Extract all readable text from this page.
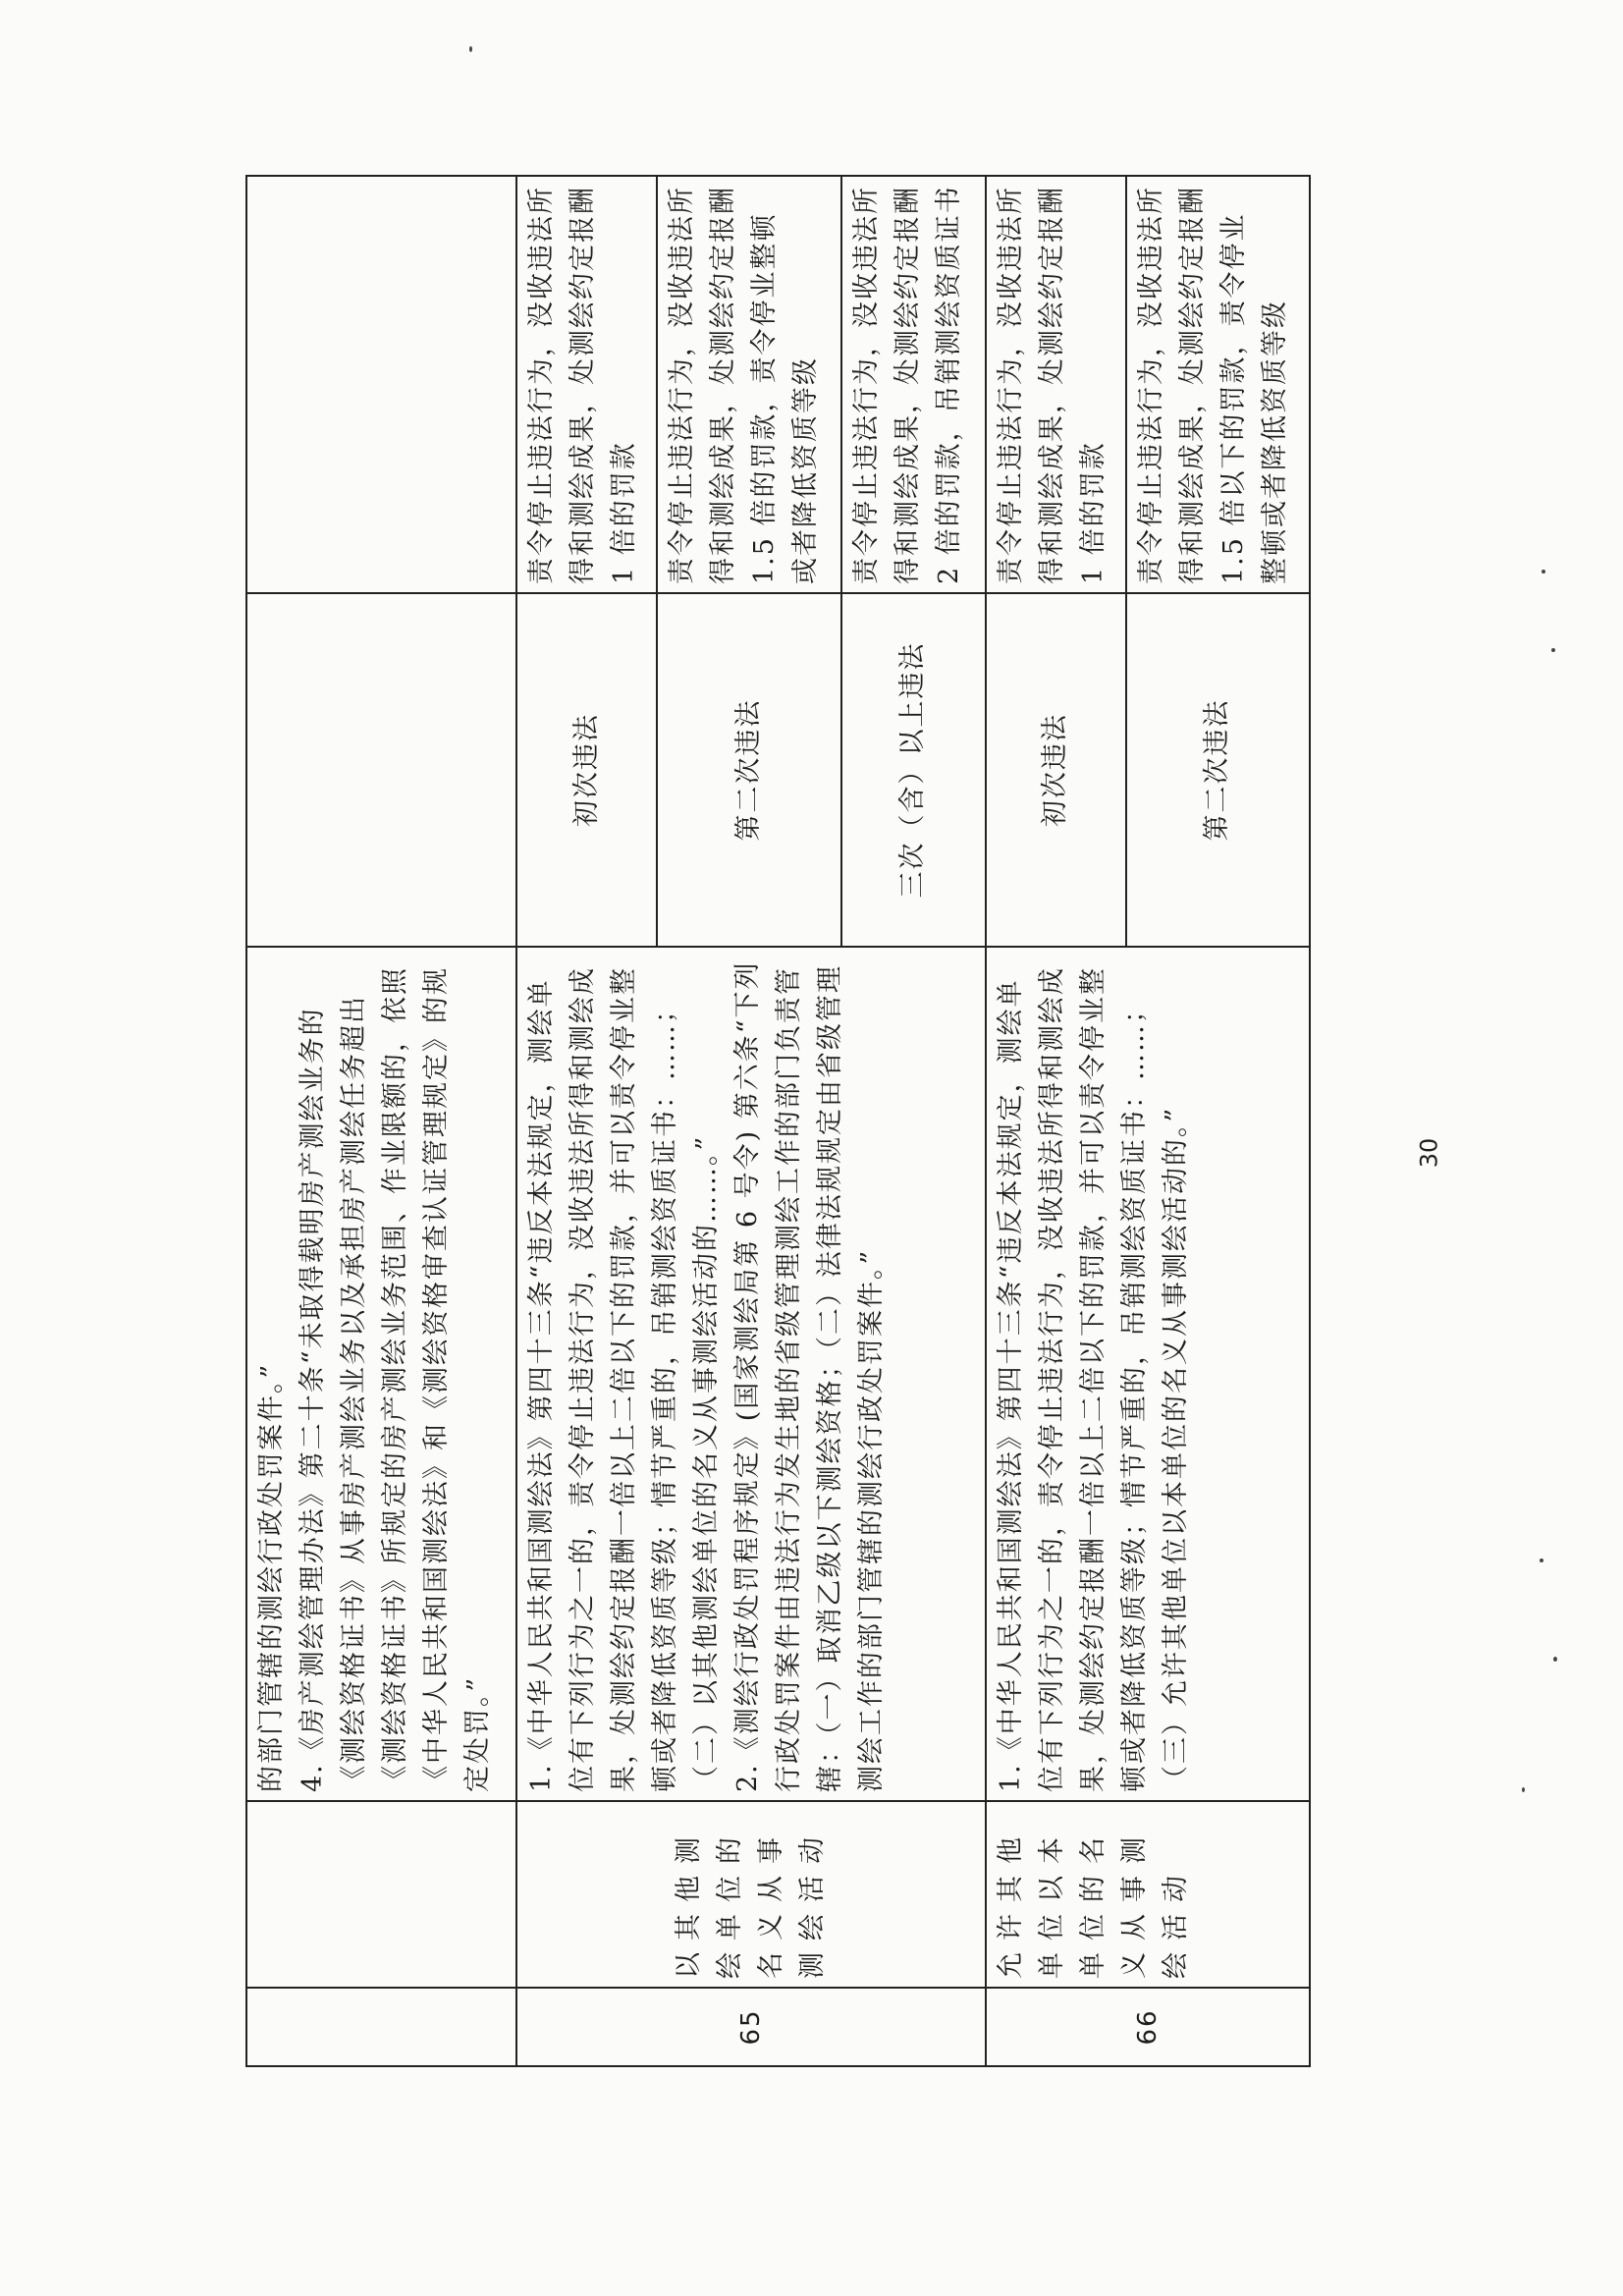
		的部门管辖的测绘行政处罚案件。”
4.《房产测绘管理办法》第二十条“未取得载明房产测绘业务的《测绘资格证书》从事房产测绘业务以及承担房产测绘任务超出《测绘资格证书》所规定的房产测绘业务范围、作业限额的，依照《中华人民共和国测绘法》和《测绘资格审查认证管理规定》的规定处罚。”		
65	以其他测绘单位的名义从事测绘活动	1.《中华人民共和国测绘法》第四十三条“违反本法规定，测绘单位有下列行为之一的，责令停止违法行为，没收违法所得和测绘成果，处测绘约定报酬一倍以上二倍以下的罚款，并可以责令停业整顿或者降低资质等级；情节严重的，吊销测绘资质证书：……；（二）以其他测绘单位的名义从事测绘活动的……。”
2.《测绘行政处罚程序规定》(国家测绘局第 6 号令) 第六条“下列行政处罚案件由违法行为发生地的省级管理测绘工作的部门负责管辖：（一）取消乙级以下测绘资格；（二）法律法规规定由省级管理测绘工作的部门管辖的测绘行政处罚案件。”	初次违法	责令停止违法行为，没收违法所得和测绘成果，处测绘约定报酬 1 倍的罚款
			第二次违法	责令停止违法行为，没收违法所得和测绘成果，处测绘约定报酬 1.5 倍的罚款，责令停业整顿或者降低资质等级
			三次（含）以上违法	责令停止违法行为，没收违法所得和测绘成果，处测绘约定报酬 2 倍的罚款，吊销测绘资质证书
66	允许其他单位以本单位的名义从事测绘活动	1.《中华人民共和国测绘法》第四十三条“违反本法规定，测绘单位有下列行为之一的，责令停止违法行为，没收违法所得和测绘成果，处测绘约定报酬一倍以上二倍以下的罚款，并可以责令停业整顿或者降低资质等级；情节严重的，吊销测绘资质证书：……；（三）允许其他单位以本单位的名义从事测绘活动的。”	初次违法	责令停止违法行为，没收违法所得和测绘成果，处测绘约定报酬 1 倍的罚款
			第二次违法	责令停止违法行为，没收违法所得和测绘成果，处测绘约定报酬 1.5 倍以下的罚款，责令停业整顿或者降低资质等级
30
